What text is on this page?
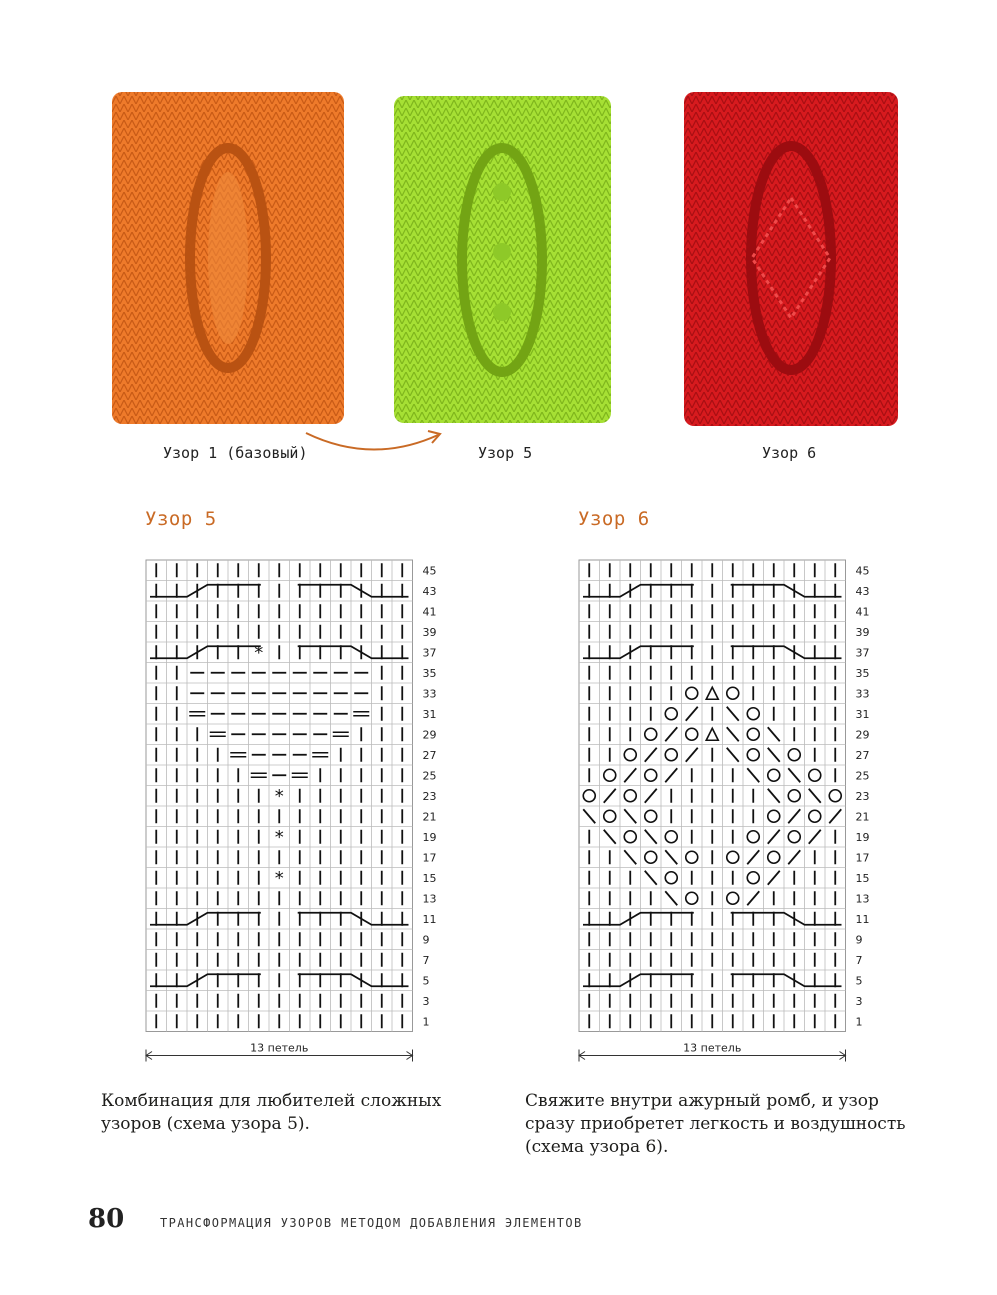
Узор 1 (базовый)	Узор 5	Узор 6
Узор 5	Узор 6
45
43
41
39
*	37
35
33
31
29
27
25
*	23
21
*	19
17
*	15
13
11
9
7
5
3
1
13 петель
45
43
41
39
37
35
33
31
29
27
25
23
21
19
17
15
13
11
9
7
5
3
1
13 петель
Комбинация для любителей сложных узоров (схема узора 5).
Свяжите внутри ажурный ромб, и узор сразу приобретет легкость и воздушность (схема узора 6).
80	ТРАНСФОРМАЦИЯ УЗОРОВ МЕТОДОМ ДОБАВЛЕНИЯ ЭЛЕМЕНТОВ
